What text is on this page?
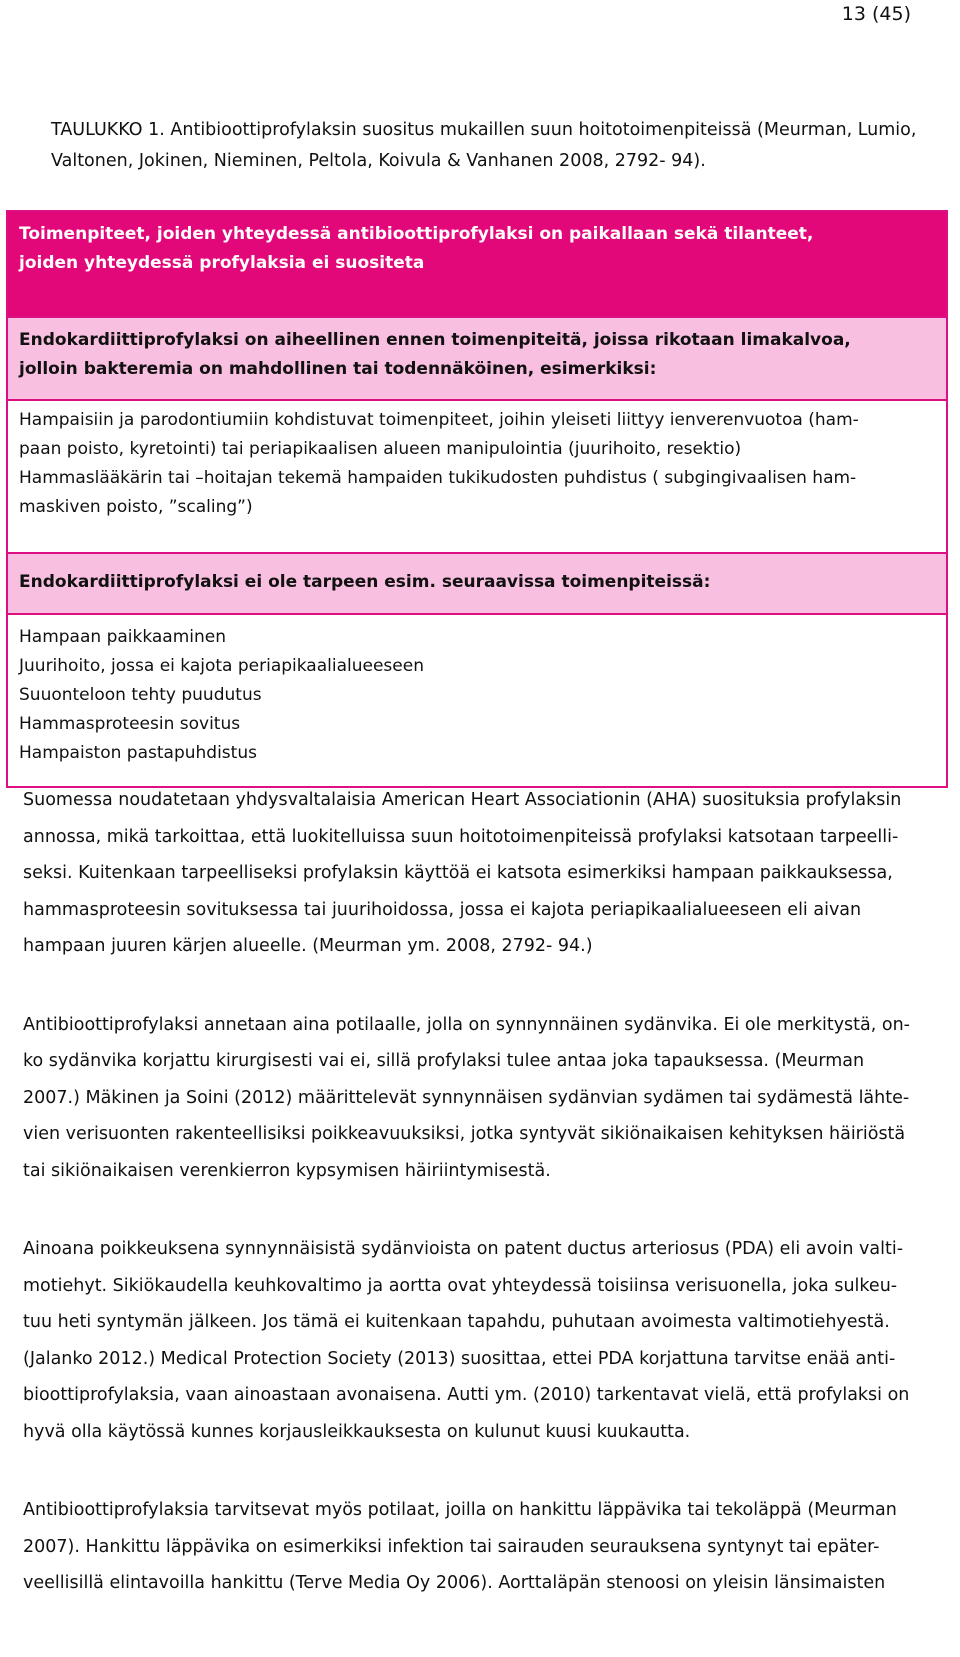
13 (45)
TAULUKKO 1. Antibioottiprofylaksin suositus mukaillen suun hoitotoimenpiteissä (Meurman, Lumio,
Valtonen, Jokinen, Nieminen, Peltola, Koivula & Vanhanen 2008, 2792- 94).
Toimenpiteet, joiden yhteydessä antibioottiprofylaksi on paikallaan sekä tilanteet,
joiden yhteydessä profylaksia ei suositeta
Endokardiittiprofylaksi on aiheellinen ennen toimenpiteitä, joissa rikotaan limakalvoa,
jolloin bakteremia on mahdollinen tai todennäköinen, esimerkiksi:
Hampaisiin ja parodontiumiin kohdistuvat toimenpiteet, joihin yleiseti liittyy ienverenvuotoa (ham-
paan poisto, kyretointi) tai periapikaalisen alueen manipulointia (juurihoito, resektio)
Hammaslääkärin tai –hoitajan tekemä hampaiden tukikudosten puhdistus ( subgingivaalisen ham-
maskiven poisto, ”scaling”)
Endokardiittiprofylaksi ei ole tarpeen esim. seuraavissa toimenpiteissä:
Hampaan paikkaaminen
Juurihoito, jossa ei kajota periapikaalialueeseen
Suuonteloon tehty puudutus
Hammasproteesin sovitus
Hampaiston pastapuhdistus

Suomessa noudatetaan yhdysvaltalaisia American Heart Associationin (AHA) suosituksia profylaksin
annossa, mikä tarkoittaa, että luokitelluissa suun hoitotoimenpiteissä profylaksi katsotaan tarpeelli-
seksi. Kuitenkaan tarpeelliseksi profylaksin käyttöä ei katsota esimerkiksi hampaan paikkauksessa,
hammasproteesin sovituksessa tai juurihoidossa, jossa ei kajota periapikaalialueeseen eli aivan
hampaan juuren kärjen alueelle. (Meurman ym. 2008, 2792- 94.)

Antibioottiprofylaksi annetaan aina potilaalle, jolla on synnynnäinen sydänvika. Ei ole merkitystä, on-
ko sydänvika korjattu kirurgisesti vai ei, sillä profylaksi tulee antaa joka tapauksessa. (Meurman
2007.) Mäkinen ja Soini (2012) määrittelevät synnynnäisen sydänvian sydämen tai sydämestä lähte-
vien verisuonten rakenteellisiksi poikkeavuuksiksi, jotka syntyvät sikiönaikaisen kehityksen häiriöstä
tai sikiönaikaisen verenkierron kypsymisen häiriintymisestä.

Ainoana poikkeuksena synnynnäisistä sydänvioista on patent ductus arteriosus (PDA) eli avoin valti-
motiehyt. Sikiökaudella keuhkovaltimo ja aortta ovat yhteydessä toisiinsa verisuonella, joka sulkeu-
tuu heti syntymän jälkeen. Jos tämä ei kuitenkaan tapahdu, puhutaan avoimesta valtimotiehyestä.
(Jalanko 2012.) Medical Protection Society (2013) suosittaa, ettei PDA korjattuna tarvitse enää anti-
bioottiprofylaksia, vaan ainoastaan avonaisena. Autti ym. (2010) tarkentavat vielä, että profylaksi on
hyvä olla käytössä kunnes korjausleikkauksesta on kulunut kuusi kuukautta.

Antibioottiprofylaksia tarvitsevat myös potilaat, joilla on hankittu läppävika tai tekoläppä (Meurman
2007). Hankittu läppävika on esimerkiksi infektion tai sairauden seurauksena syntynyt tai epäter-
veellisillä elintavoilla hankittu (Terve Media Oy 2006). Aorttaläpän stenoosi on yleisin länsimaisten
